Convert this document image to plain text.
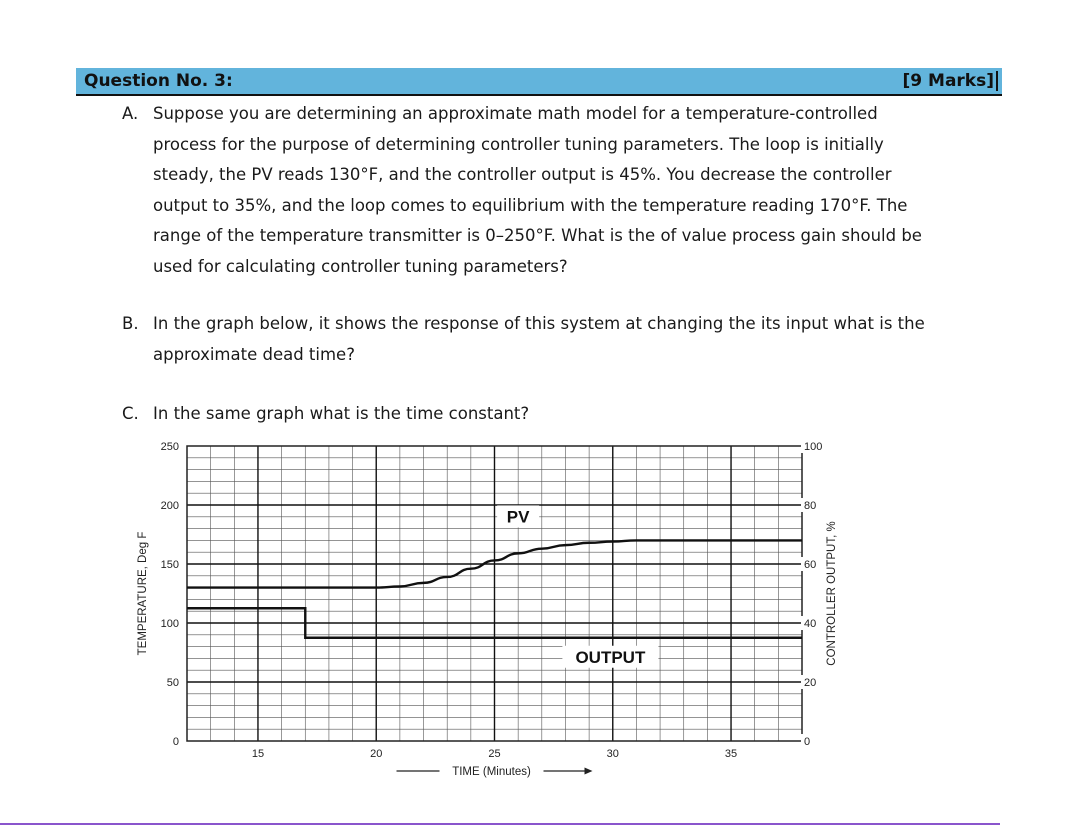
Question No. 3:	[9 Marks]
A. Suppose you are determining an approximate math model for a temperature-controlled
process for the purpose of determining controller tuning parameters. The loop is initially
steady, the PV reads 130°F, and the controller output is 45%. You decrease the controller
output to 35%, and the loop comes to equilibrium with the temperature reading 170°F. The
range of the temperature transmitter is 0–250°F. What is the of value process gain should be
used for calculating controller tuning parameters?
B. In the graph below, it shows the response of this system at changing the its input what is the
approximate dead time?
C. In the same graph what is the time constant?
0
50
100
150
200
250
0
20
40
60
80
100
15	20	25	30	35
PV
OUTPUT
TIME (Minutes)
TEMPERATURE, Deg F	CONTROLLER OUTPUT, %
